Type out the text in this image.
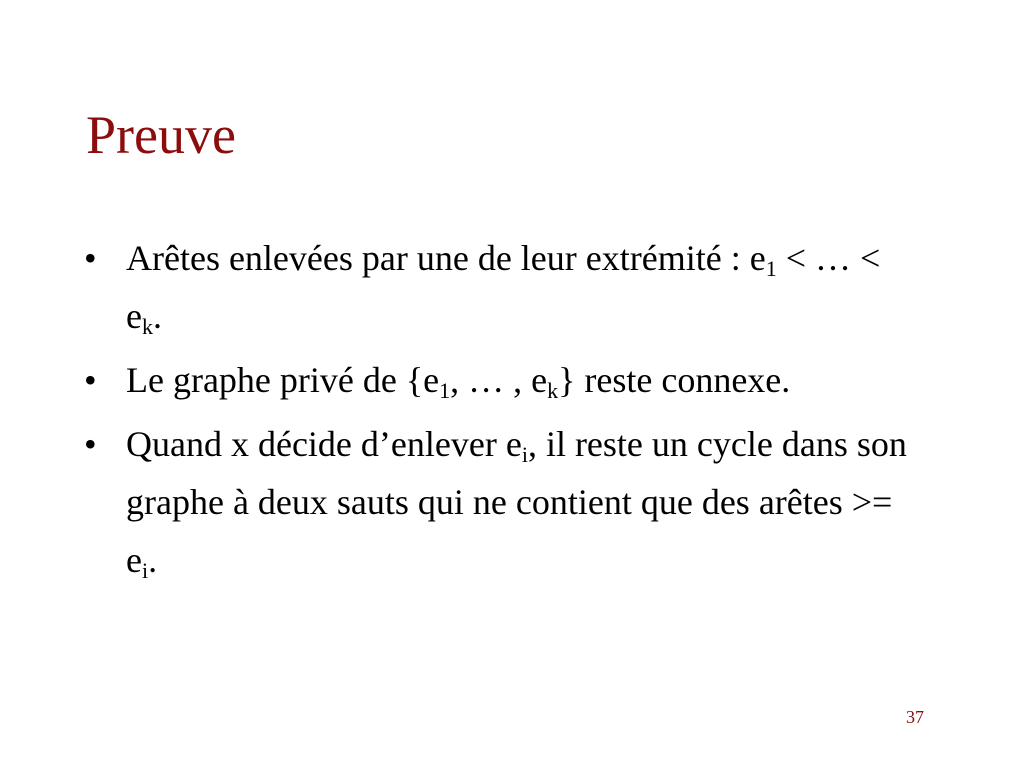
Preuve
• Arêtes enlevées par une de leur extrémité : $e_1$ < … < $e_k$.
• Le graphe privé de {$e_1$, … , $e_k$} reste connexe.
• Quand x décide d’enlever $e_i$, il reste un cycle dans son graphe à deux sauts qui ne contient que des arêtes >= $e_i$.
37
